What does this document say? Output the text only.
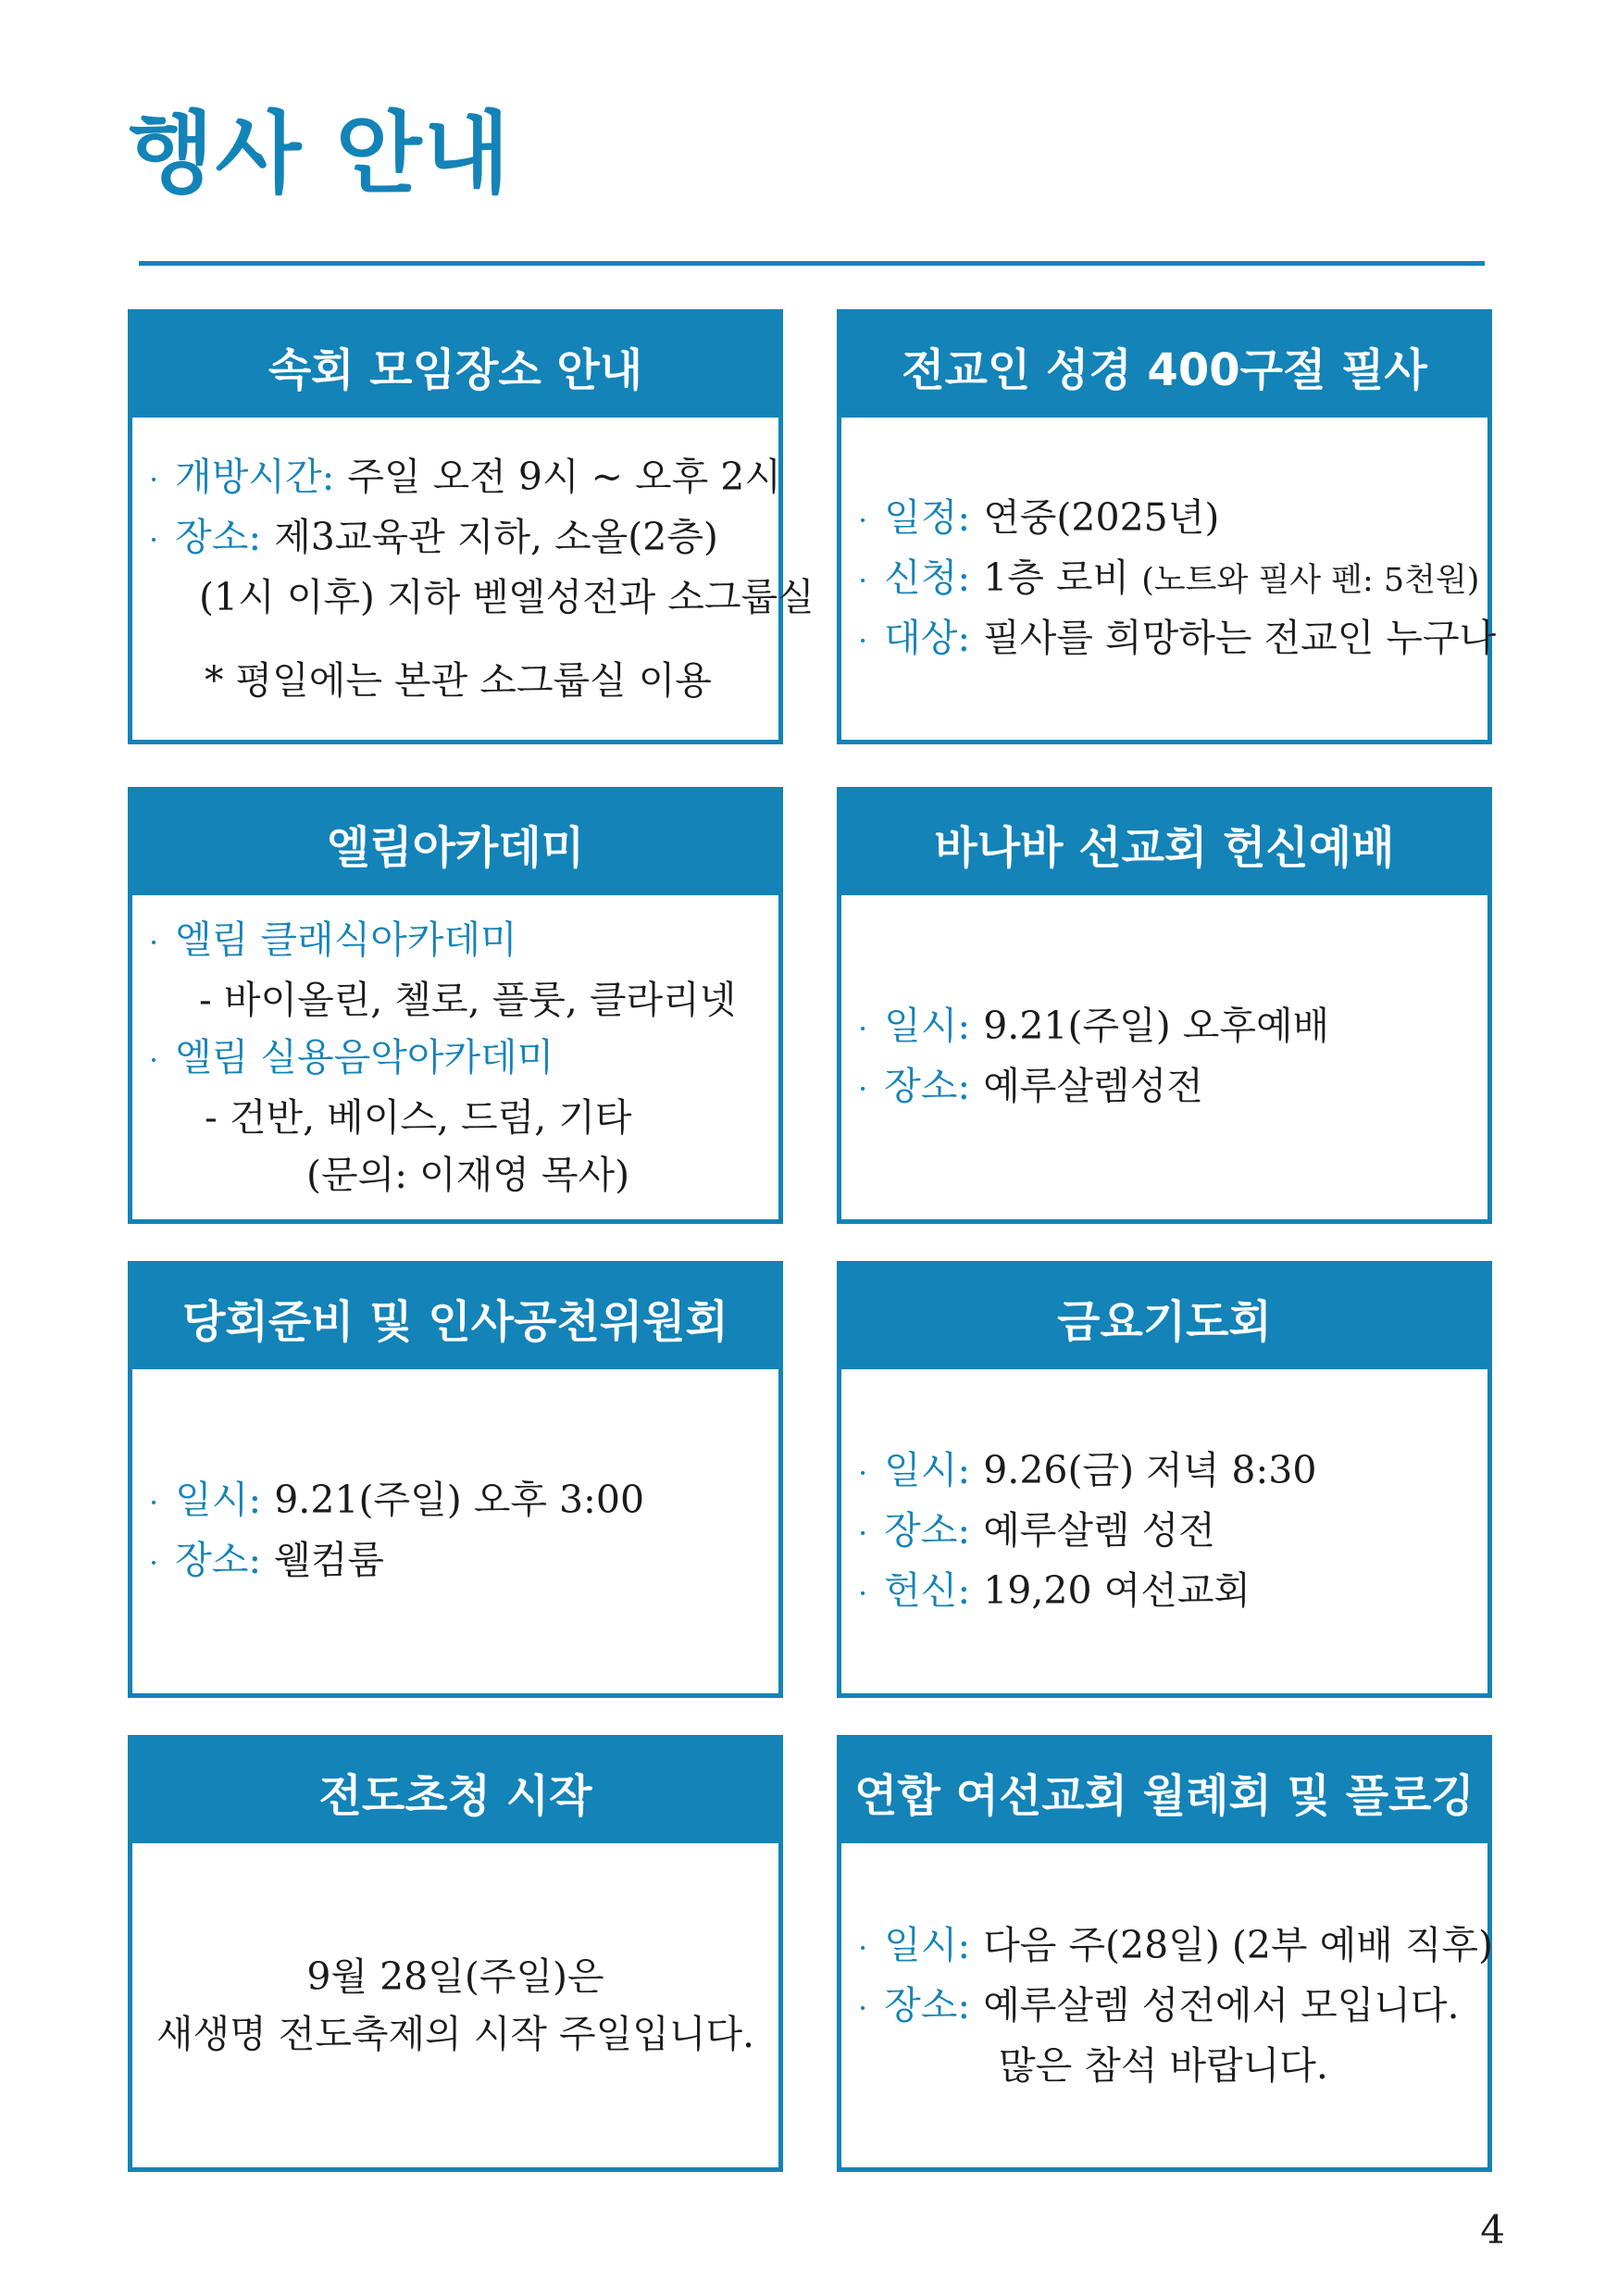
행사 안내
속회 모임장소 안내
· 개방시간: 주일 오전 9시 ~ 오후 2시
· 장소: 제3교육관 지하, 소올(2층)
(1시 이후) 지하 벧엘성전과 소그룹실
* 평일에는 본관 소그룹실 이용
전교인 성경 400구절 필사
· 일정: 연중(2025년)
· 신청: 1층 로비 (노트와 필사 펜: 5천원)
· 대상: 필사를 희망하는 전교인 누구나
엘림아카데미
· 엘림 클래식아카데미
- 바이올린, 첼로, 플룻, 클라리넷
· 엘림 실용음악아카데미
- 건반, 베이스, 드럼, 기타
(문의: 이재영 목사)
바나바 선교회 헌신예배
· 일시: 9.21(주일) 오후예배
· 장소: 예루살렘성전
당회준비 및 인사공천위원회
· 일시: 9.21(주일) 오후 3:00
· 장소: 웰컴룸
금요기도회
· 일시: 9.26(금) 저녁 8:30
· 장소: 예루살렘 성전
· 헌신: 19,20 여선교회
전도초청 시작
9월 28일(주일)은
새생명 전도축제의 시작 주일입니다.
연합 여선교회 월례회 및 플로깅
· 일시: 다음 주(28일) (2부 예배 직후)
· 장소: 예루살렘 성전에서 모입니다.
많은 참석 바랍니다.
4
